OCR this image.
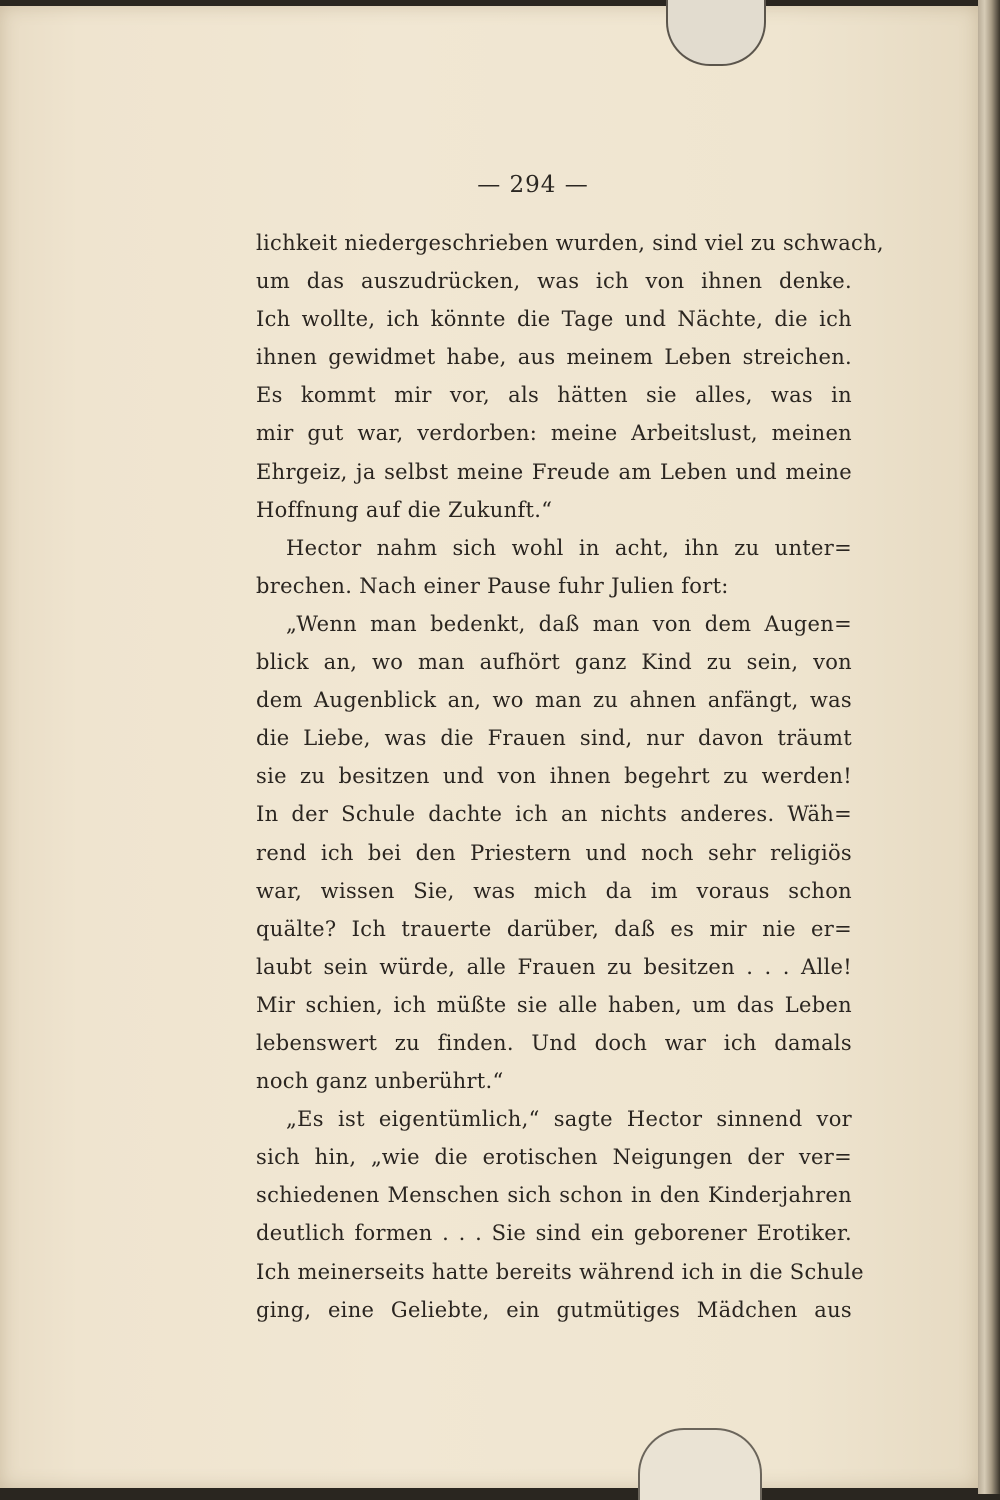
— 294 —
lichkeit niedergeschrieben wurden, sind viel zu schwach,
um das auszudrücken, was ich von ihnen denke.
Ich wollte, ich könnte die Tage und Nächte, die ich
ihnen gewidmet habe, aus meinem Leben streichen.
Es kommt mir vor, als hätten sie alles, was in
mir gut war, verdorben: meine Arbeitslust, meinen
Ehrgeiz, ja selbst meine Freude am Leben und meine
Hoffnung auf die Zukunft.“
Hector nahm sich wohl in acht, ihn zu unter=
brechen. Nach einer Pause fuhr Julien fort:
„Wenn man bedenkt, daß man von dem Augen=
blick an, wo man aufhört ganz Kind zu sein, von
dem Augenblick an, wo man zu ahnen anfängt, was
die Liebe, was die Frauen sind, nur davon träumt
sie zu besitzen und von ihnen begehrt zu werden!
In der Schule dachte ich an nichts anderes. Wäh=
rend ich bei den Priestern und noch sehr religiös
war, wissen Sie, was mich da im voraus schon
quälte? Ich trauerte darüber, daß es mir nie er=
laubt sein würde, alle Frauen zu besitzen . . . Alle!
Mir schien, ich müßte sie alle haben, um das Leben
lebenswert zu finden. Und doch war ich damals
noch ganz unberührt.“
„Es ist eigentümlich,“ sagte Hector sinnend vor
sich hin, „wie die erotischen Neigungen der ver=
schiedenen Menschen sich schon in den Kinderjahren
deutlich formen . . . Sie sind ein geborener Erotiker.
Ich meinerseits hatte bereits während ich in die Schule
ging, eine Geliebte, ein gutmütiges Mädchen aus
